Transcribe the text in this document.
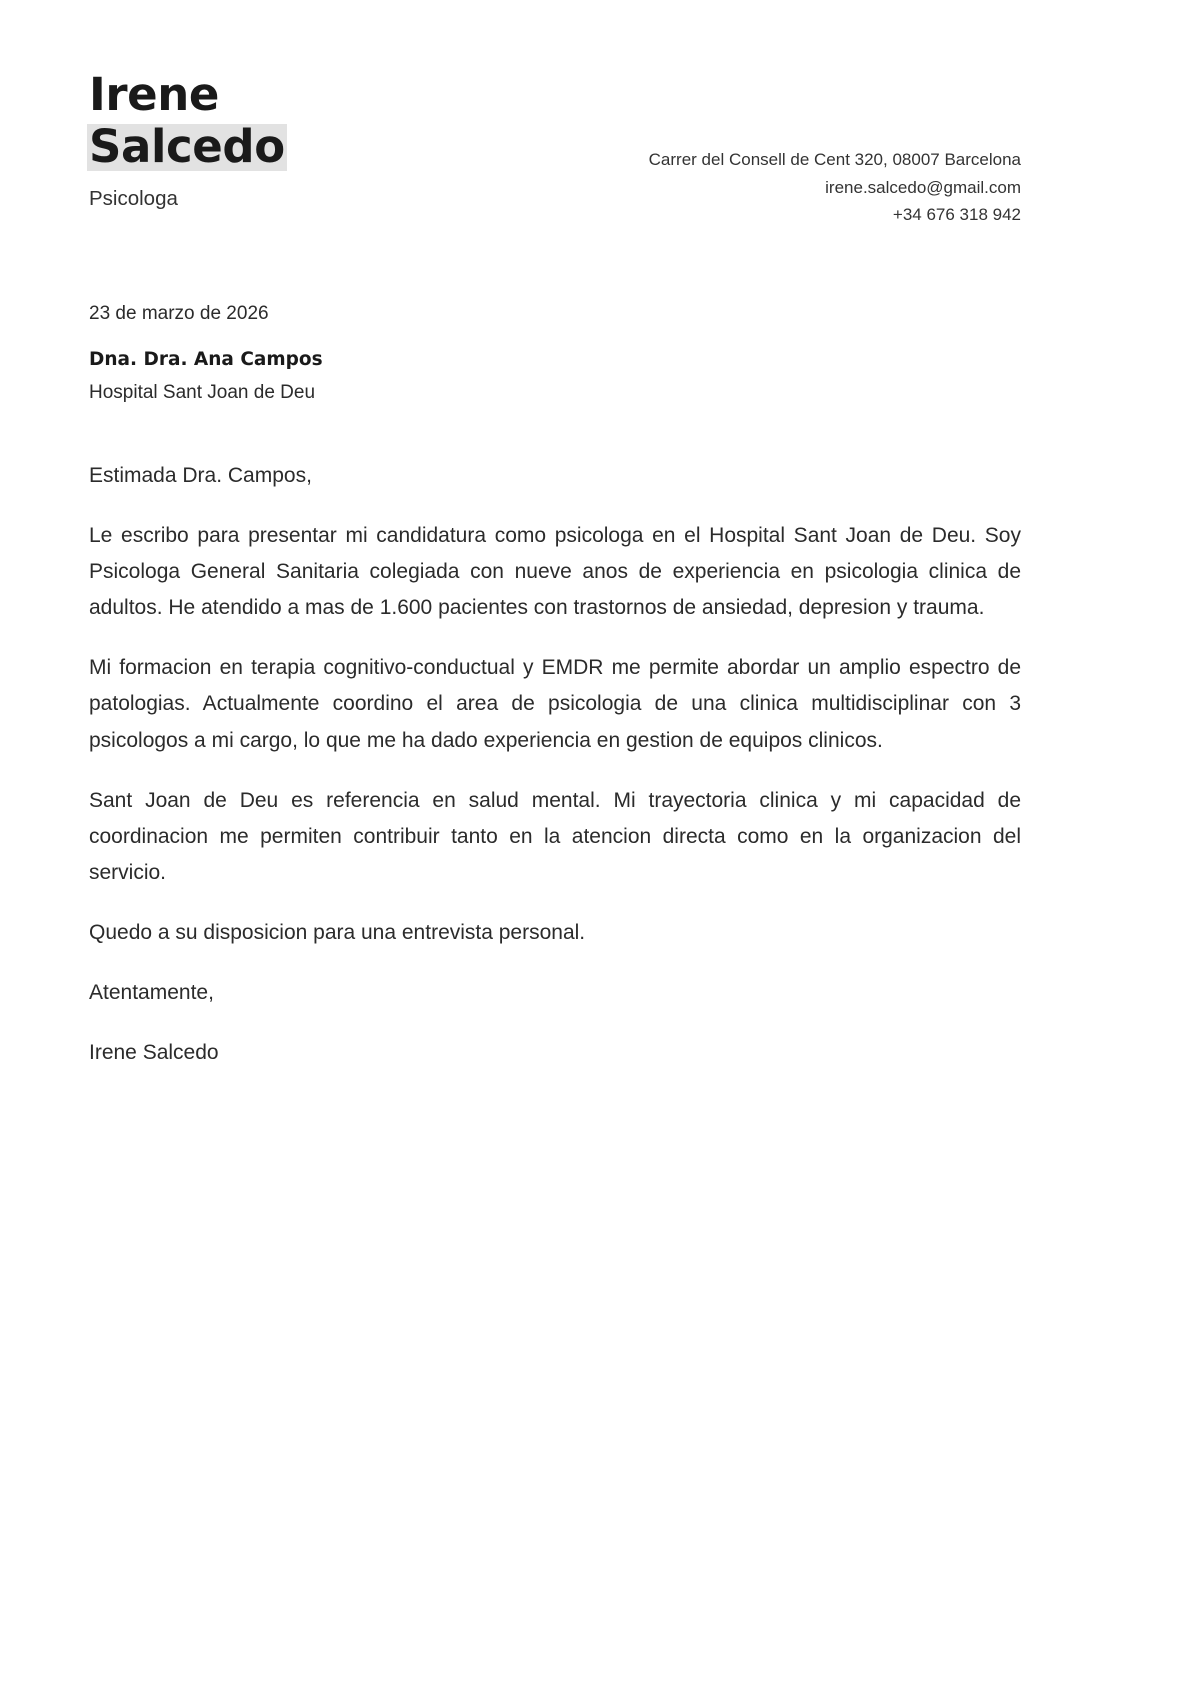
Irene
Salcedo
Psicologa
Carrer del Consell de Cent 320, 08007 Barcelona
irene.salcedo@gmail.com
+34 676 318 942
23 de marzo de 2026
Dna. Dra. Ana Campos
Hospital Sant Joan de Deu

Estimada Dra. Campos,

Le escribo para presentar mi candidatura como psicologa en el Hospital Sant Joan de Deu. Soy Psicologa General Sanitaria colegiada con nueve anos de experiencia en psicologia clinica de adultos. He atendido a mas de 1.600 pacientes con trastornos de ansiedad, depresion y trauma.

Mi formacion en terapia cognitivo-conductual y EMDR me permite abordar un amplio espectro de patologias. Actualmente coordino el area de psicologia de una clinica multidisciplinar con 3 psicologos a mi cargo, lo que me ha dado experiencia en gestion de equipos clinicos.

Sant Joan de Deu es referencia en salud mental. Mi trayectoria clinica y mi capacidad de coordinacion me permiten contribuir tanto en la atencion directa como en la organizacion del servicio.

Quedo a su disposicion para una entrevista personal.

Atentamente,

Irene Salcedo
